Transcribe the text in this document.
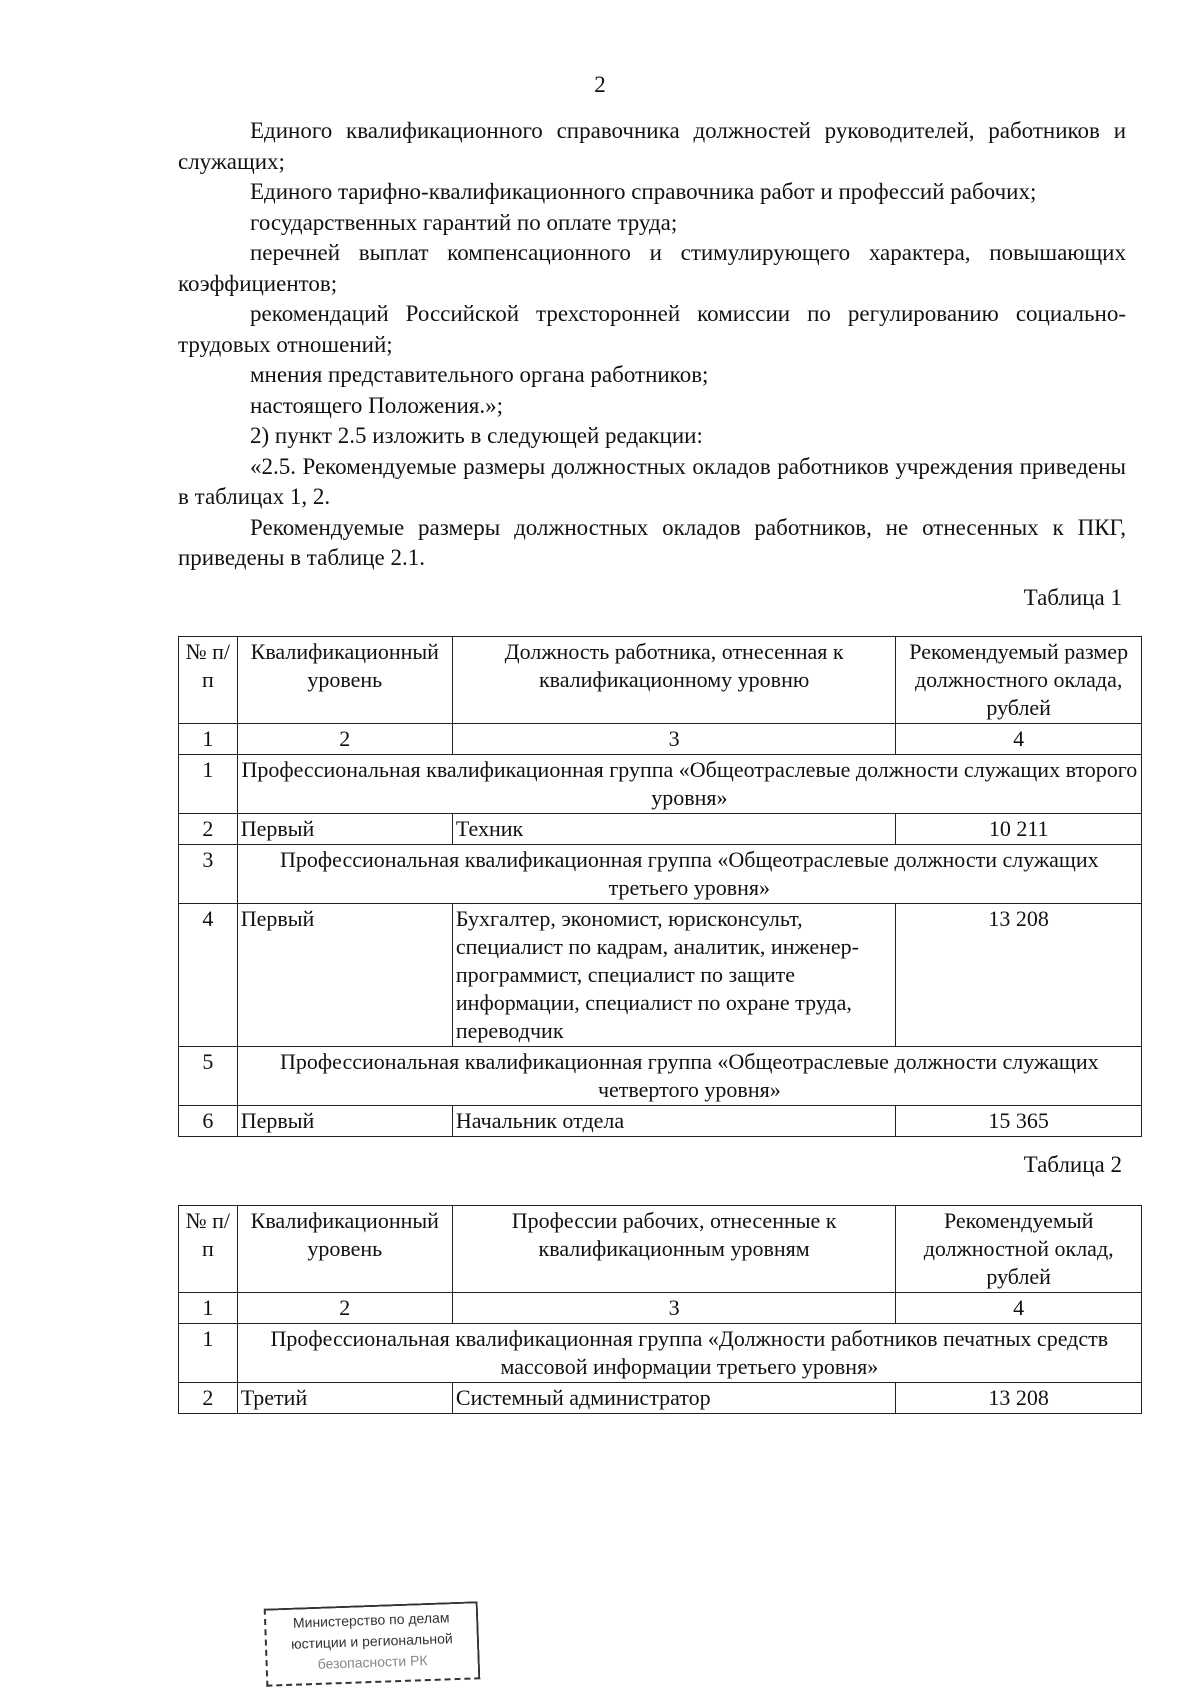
2

Единого квалификационного справочника должностей руководителей, работников и служащих;

Единого тарифно-квалификационного справочника работ и профессий рабочих;

государственных гарантий по оплате труда;

перечней выплат компенсационного и стимулирующего характера, повышающих коэффициентов;

рекомендаций Российской трехсторонней комиссии по регулированию социально-трудовых отношений;

мнения представительного органа работников;

настоящего Положения.»;

2) пункт 2.5 изложить в следующей редакции:

«2.5. Рекомендуемые размеры должностных окладов работников учреждения приведены в таблицах 1, 2.

Рекомендуемые размеры должностных окладов работников, не отнесенных к ПКГ, приведены в таблице 2.1.

Таблица 1
№ п/п	Квалификационный уровень	Должность работника, отнесенная к квалификационному уровню	Рекомендуемый размер должностного оклада, рублей
1	2	3	4
1	Профессиональная квалификационная группа «Общеотраслевые должности служащих второго уровня»		
2	Первый	Техник	10 211
3	Профессиональная квалификационная группа «Общеотраслевые должности служащих третьего уровня»		
4	Первый	Бухгалтер, экономист, юрисконсульт, специалист по кадрам, аналитик, инженер-программист, специалист по защите информации, специалист по охране труда, переводчик	13 208
5	Профессиональная квалификационная группа «Общеотраслевые должности служащих четвертого уровня»		
6	Первый	Начальник отдела	15 365
Таблица 2
№ п/п	Квалификационный уровень	Профессии рабочих, отнесенные к квалификационным уровням	Рекомендуемый должностной оклад, рублей
1	2	3	4
1	Профессиональная квалификационная группа «Должности работников печатных средств массовой информации третьего уровня»		
2	Третий	Системный администратор	13 208
Министерство по делам
юстиции и региональной
безопасности РК
